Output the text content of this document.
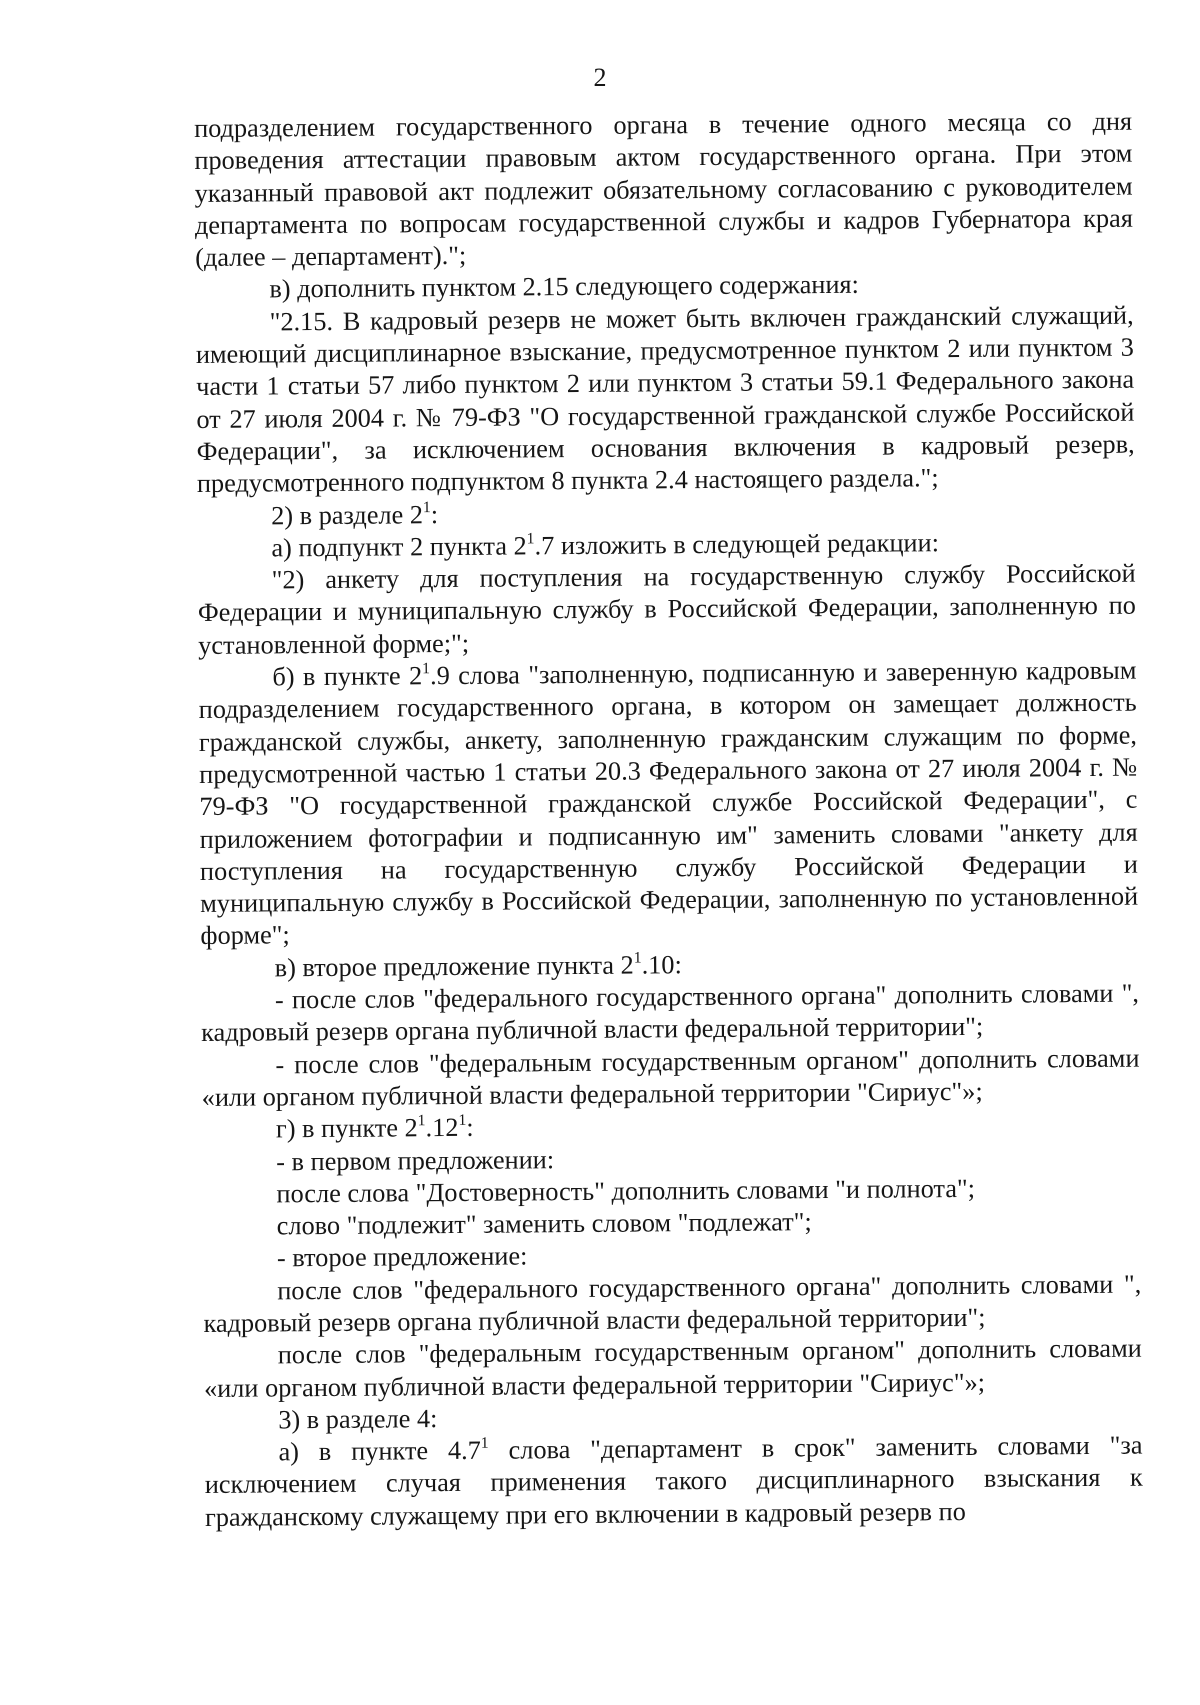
2

подразделением государственного органа в течение одного месяца со дня проведения аттестации правовым актом государственного органа. При этом указанный правовой акт подлежит обязательному согласованию с руководителем департамента по вопросам государственной службы и кадров Губернатора края (далее – департамент).";

в) дополнить пунктом 2.15 следующего содержания:

"2.15. В кадровый резерв не может быть включен гражданский служащий, имеющий дисциплинарное взыскание, предусмотренное пунктом 2 или пунктом 3 части 1 статьи 57 либо пунктом 2 или пунктом 3 статьи 59.1 Федерального закона от 27 июля 2004 г. № 79-ФЗ "О государственной гражданской службе Российской Федерации", за исключением основания включения в кадровый резерв, предусмотренного подпунктом 8 пункта 2.4 настоящего раздела.";

2) в разделе $2^1$:

а) подпункт 2 пункта $2^1.7$ изложить в следующей редакции:

"2) анкету для поступления на государственную службу Российской Федерации и муниципальную службу в Российской Федерации, заполненную по установленной форме;";

б) в пункте $2^1.9$ слова "заполненную, подписанную и заверенную кадровым подразделением государственного органа, в котором он замещает должность гражданской службы, анкету, заполненную гражданским служащим по форме, предусмотренной частью 1 статьи 20.3 Федерального закона от 27 июля 2004 г. № 79-ФЗ "О государственной гражданской службе Российской Федерации", с приложением фотографии и подписанную им" заменить словами "анкету для поступления на государственную службу Российской Федерации и муниципальную службу в Российской Федерации, заполненную по установленной форме";

в) второе предложение пункта $2^1.10$:

- после слов "федерального государственного органа" дополнить словами ", кадровый резерв органа публичной власти федеральной территории";

- после слов "федеральным государственным органом" дополнить словами «или органом публичной власти федеральной территории "Сириус"»;

г) в пункте $2^1.12^1$:

- в первом предложении:

после слова "Достоверность" дополнить словами "и полнота";

слово "подлежит" заменить словом "подлежат";

- второе предложение:

после слов "федерального государственного органа" дополнить словами ", кадровый резерв органа публичной власти федеральной территории";

после слов "федеральным государственным органом" дополнить словами «или органом публичной власти федеральной территории "Сириус"»;

3) в разделе 4:

а) в пункте $4.7^1$ слова "департамент в срок" заменить словами "за исключением случая применения такого дисциплинарного взыскания к гражданскому служащему при его включении в кадровый резерв по
